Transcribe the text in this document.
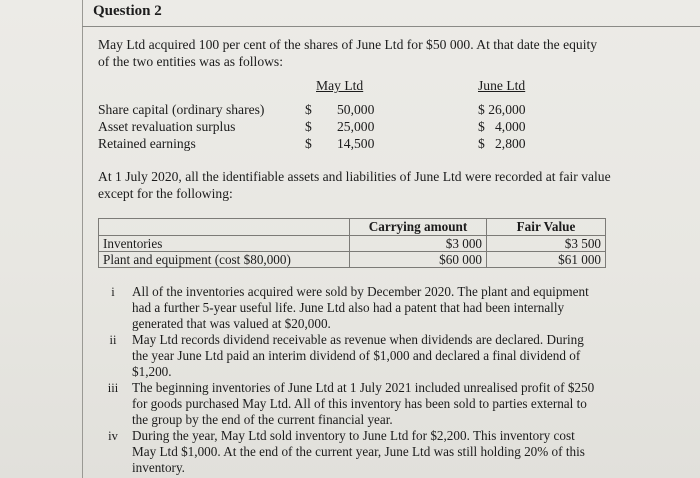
Question 2
May Ltd acquired 100 per cent of the shares of June Ltd for $50 000. At that date the equity of the two entities was as follows:
May Ltd	June Ltd
Share capital (ordinary shares)	$ 50,000	$ 26,000
Asset revaluation surplus	$ 25,000	$   4,000
Retained earnings	$ 14,500	$   2,800
At 1 July 2020, all the identifiable assets and liabilities of June Ltd were recorded at fair value except for the following:
	Carrying amount	Fair Value
Inventories	$3 000	$3 500
Plant and equipment (cost $80,000)	$60 000	$61 000
i	All of the inventories acquired were sold by December 2020. The plant and equipment had a further 5-year useful life. June Ltd also had a patent that had been internally generated that was valued at $20,000.
ii	May Ltd records dividend receivable as revenue when dividends are declared. During the year June Ltd paid an interim dividend of $1,000 and declared a final dividend of $1,200.
iii	The beginning inventories of June Ltd at 1 July 2021 included unrealised profit of $250 for goods purchased May Ltd. All of this inventory has been sold to parties external to the group by the end of the current financial year.
iv	During the year, May Ltd sold inventory to June Ltd for $2,200. This inventory cost May Ltd $1,000. At the end of the current year, June Ltd was still holding 20% of this inventory.
